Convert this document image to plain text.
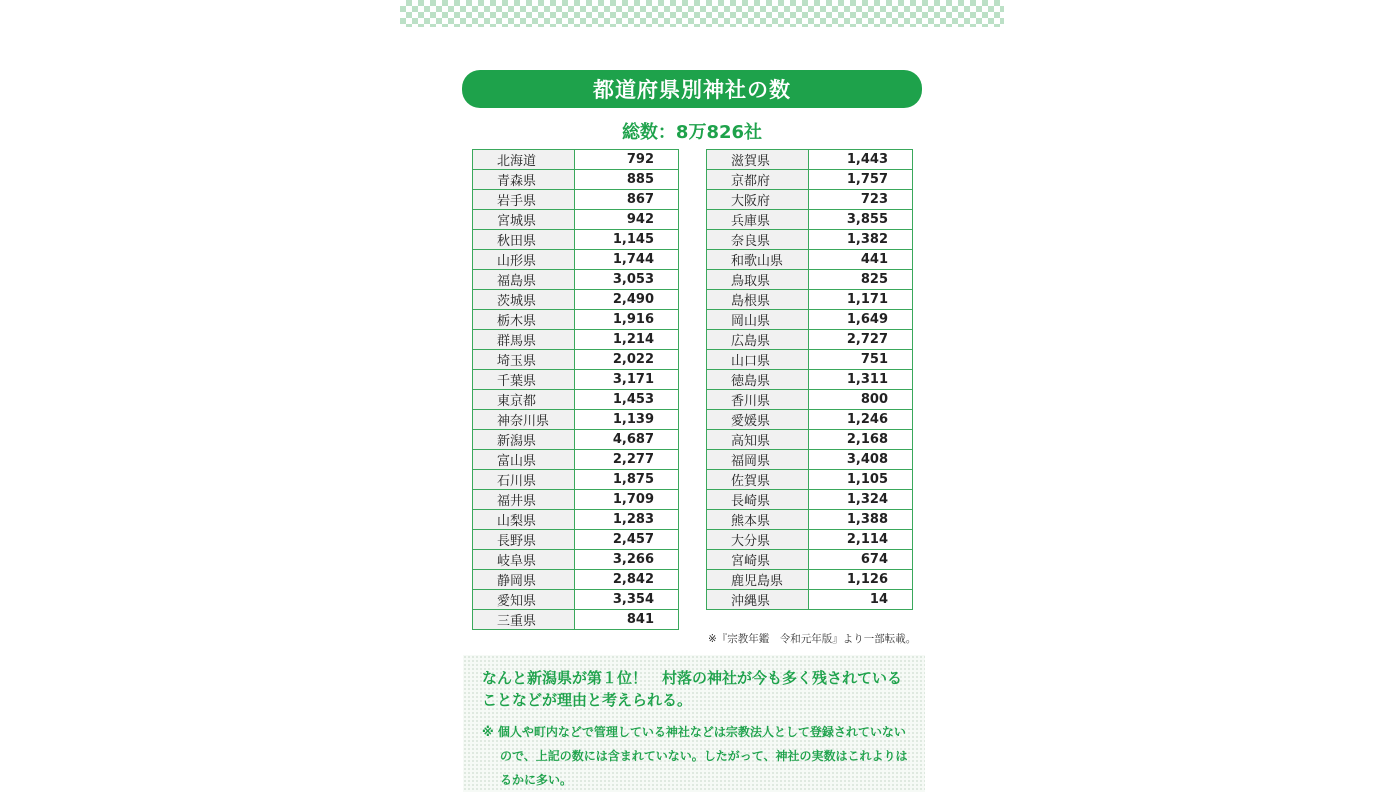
都道府県別神社の数
総数：8万826社
北海道	792
青森県	885
岩手県	867
宮城県	942
秋田県	1,145
山形県	1,744
福島県	3,053
茨城県	2,490
栃木県	1,916
群馬県	1,214
埼玉県	2,022
千葉県	3,171
東京都	1,453
神奈川県	1,139
新潟県	4,687
富山県	2,277
石川県	1,875
福井県	1,709
山梨県	1,283
長野県	2,457
岐阜県	3,266
静岡県	2,842
愛知県	3,354
三重県	841
滋賀県	1,443
京都府	1,757
大阪府	723
兵庫県	3,855
奈良県	1,382
和歌山県	441
鳥取県	825
島根県	1,171
岡山県	1,649
広島県	2,727
山口県	751
徳島県	1,311
香川県	800
愛媛県	1,246
高知県	2,168
福岡県	3,408
佐賀県	1,105
長崎県	1,324
熊本県	1,388
大分県	2,114
宮崎県	674
鹿児島県	1,126
沖縄県	14
※『宗教年鑑　令和元年版』より一部転載。
なんと新潟県が第１位！　村落の神社が今も多く残されていることなどが理由と考えられる。
※ 個人や町内などで管理している神社などは宗教法人として登録されていないので、上記の数には含まれていない。したがって、神社の実数はこれよりはるかに多い。
